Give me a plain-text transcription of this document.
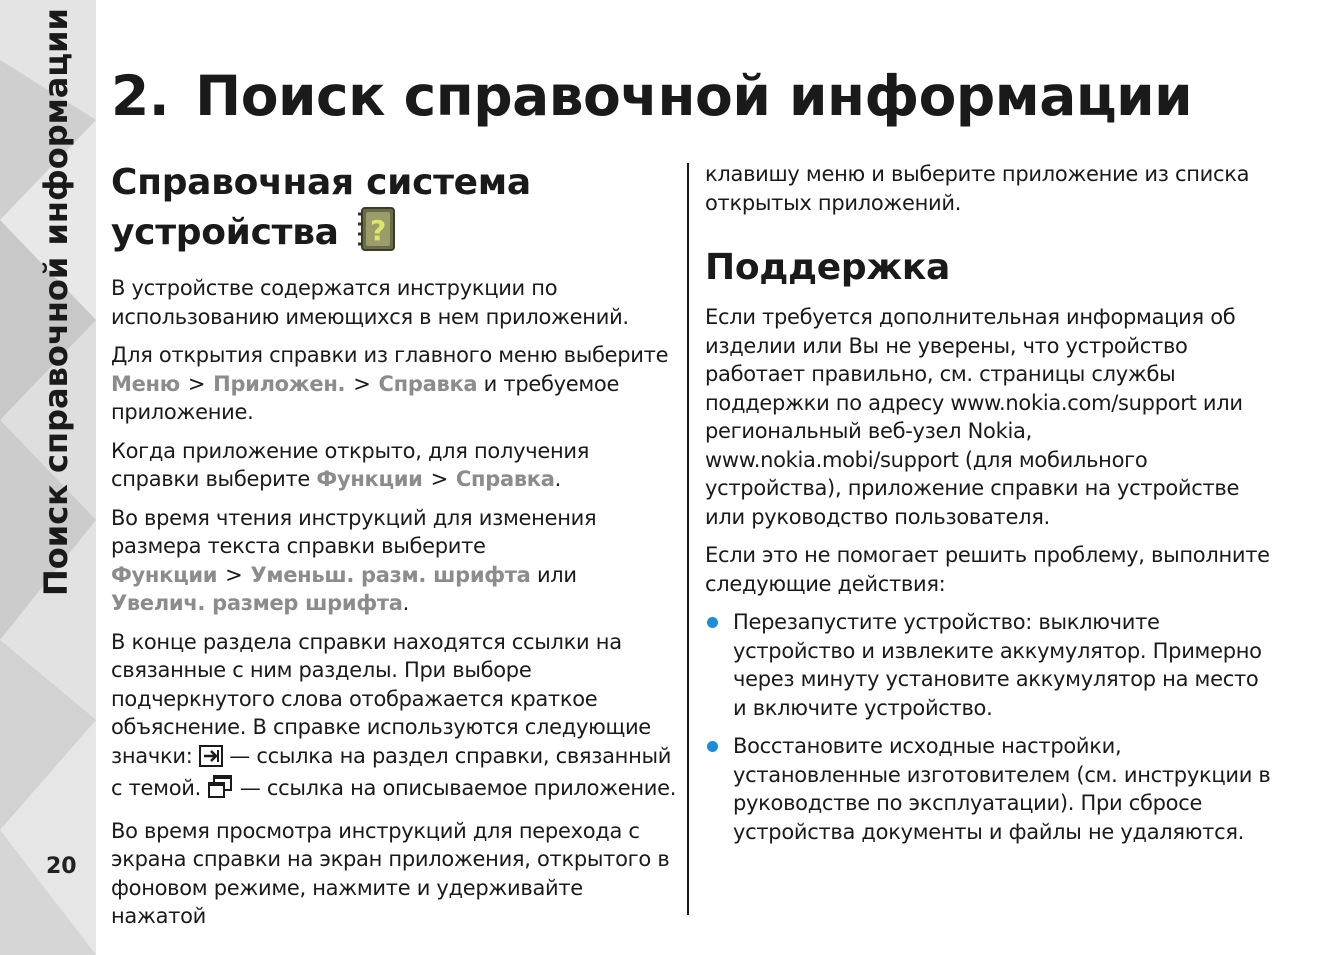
Поиск справочной информации
20
2. Поиск справочной информации
Справочная система
устройства ?

В устройстве содержатся инструкции по использованию имеющихся в нем приложений.

Для открытия справки из главного меню выберите Меню > Приложен. > Справка и требуемое приложение.

Когда приложение открыто, для получения справки выберите Функции > Справка.

Во время чтения инструкций для изменения размера текста справки выберите Функции > Уменьш. разм. шрифта или Увелич. размер шрифта.

В конце раздела справки находятся ссылки на связанные с ним разделы. При выборе подчеркнутого слова отображается краткое объяснение. В справке используются следующие значки: — ссылка на раздел справки, связанный с темой. — ссылка на описываемое приложение.

Во время просмотра инструкций для перехода с экрана справки на экран приложения, открытого в фоновом режиме, нажмите и удерживайте нажатой

клавишу меню и выберите приложение из списка открытых приложений.

Поддержка

Если требуется дополнительная информация об изделии или Вы не уверены, что устройство работает правильно, см. страницы службы поддержки по адресу www.nokia.com/support или региональный веб-узел Nokia, www.nokia.mobi/support (для мобильного устройства), приложение справки на устройстве или руководство пользователя.

Если это не помогает решить проблему, выполните следующие действия:

Перезапустите устройство: выключите устройство и извлеките аккумулятор. Примерно через минуту установите аккумулятор на место и включите устройство.
Восстановите исходные настройки, установленные изготовителем (см. инструкции в руководстве по эксплуатации). При сбросе устройства документы и файлы не удаляются.
